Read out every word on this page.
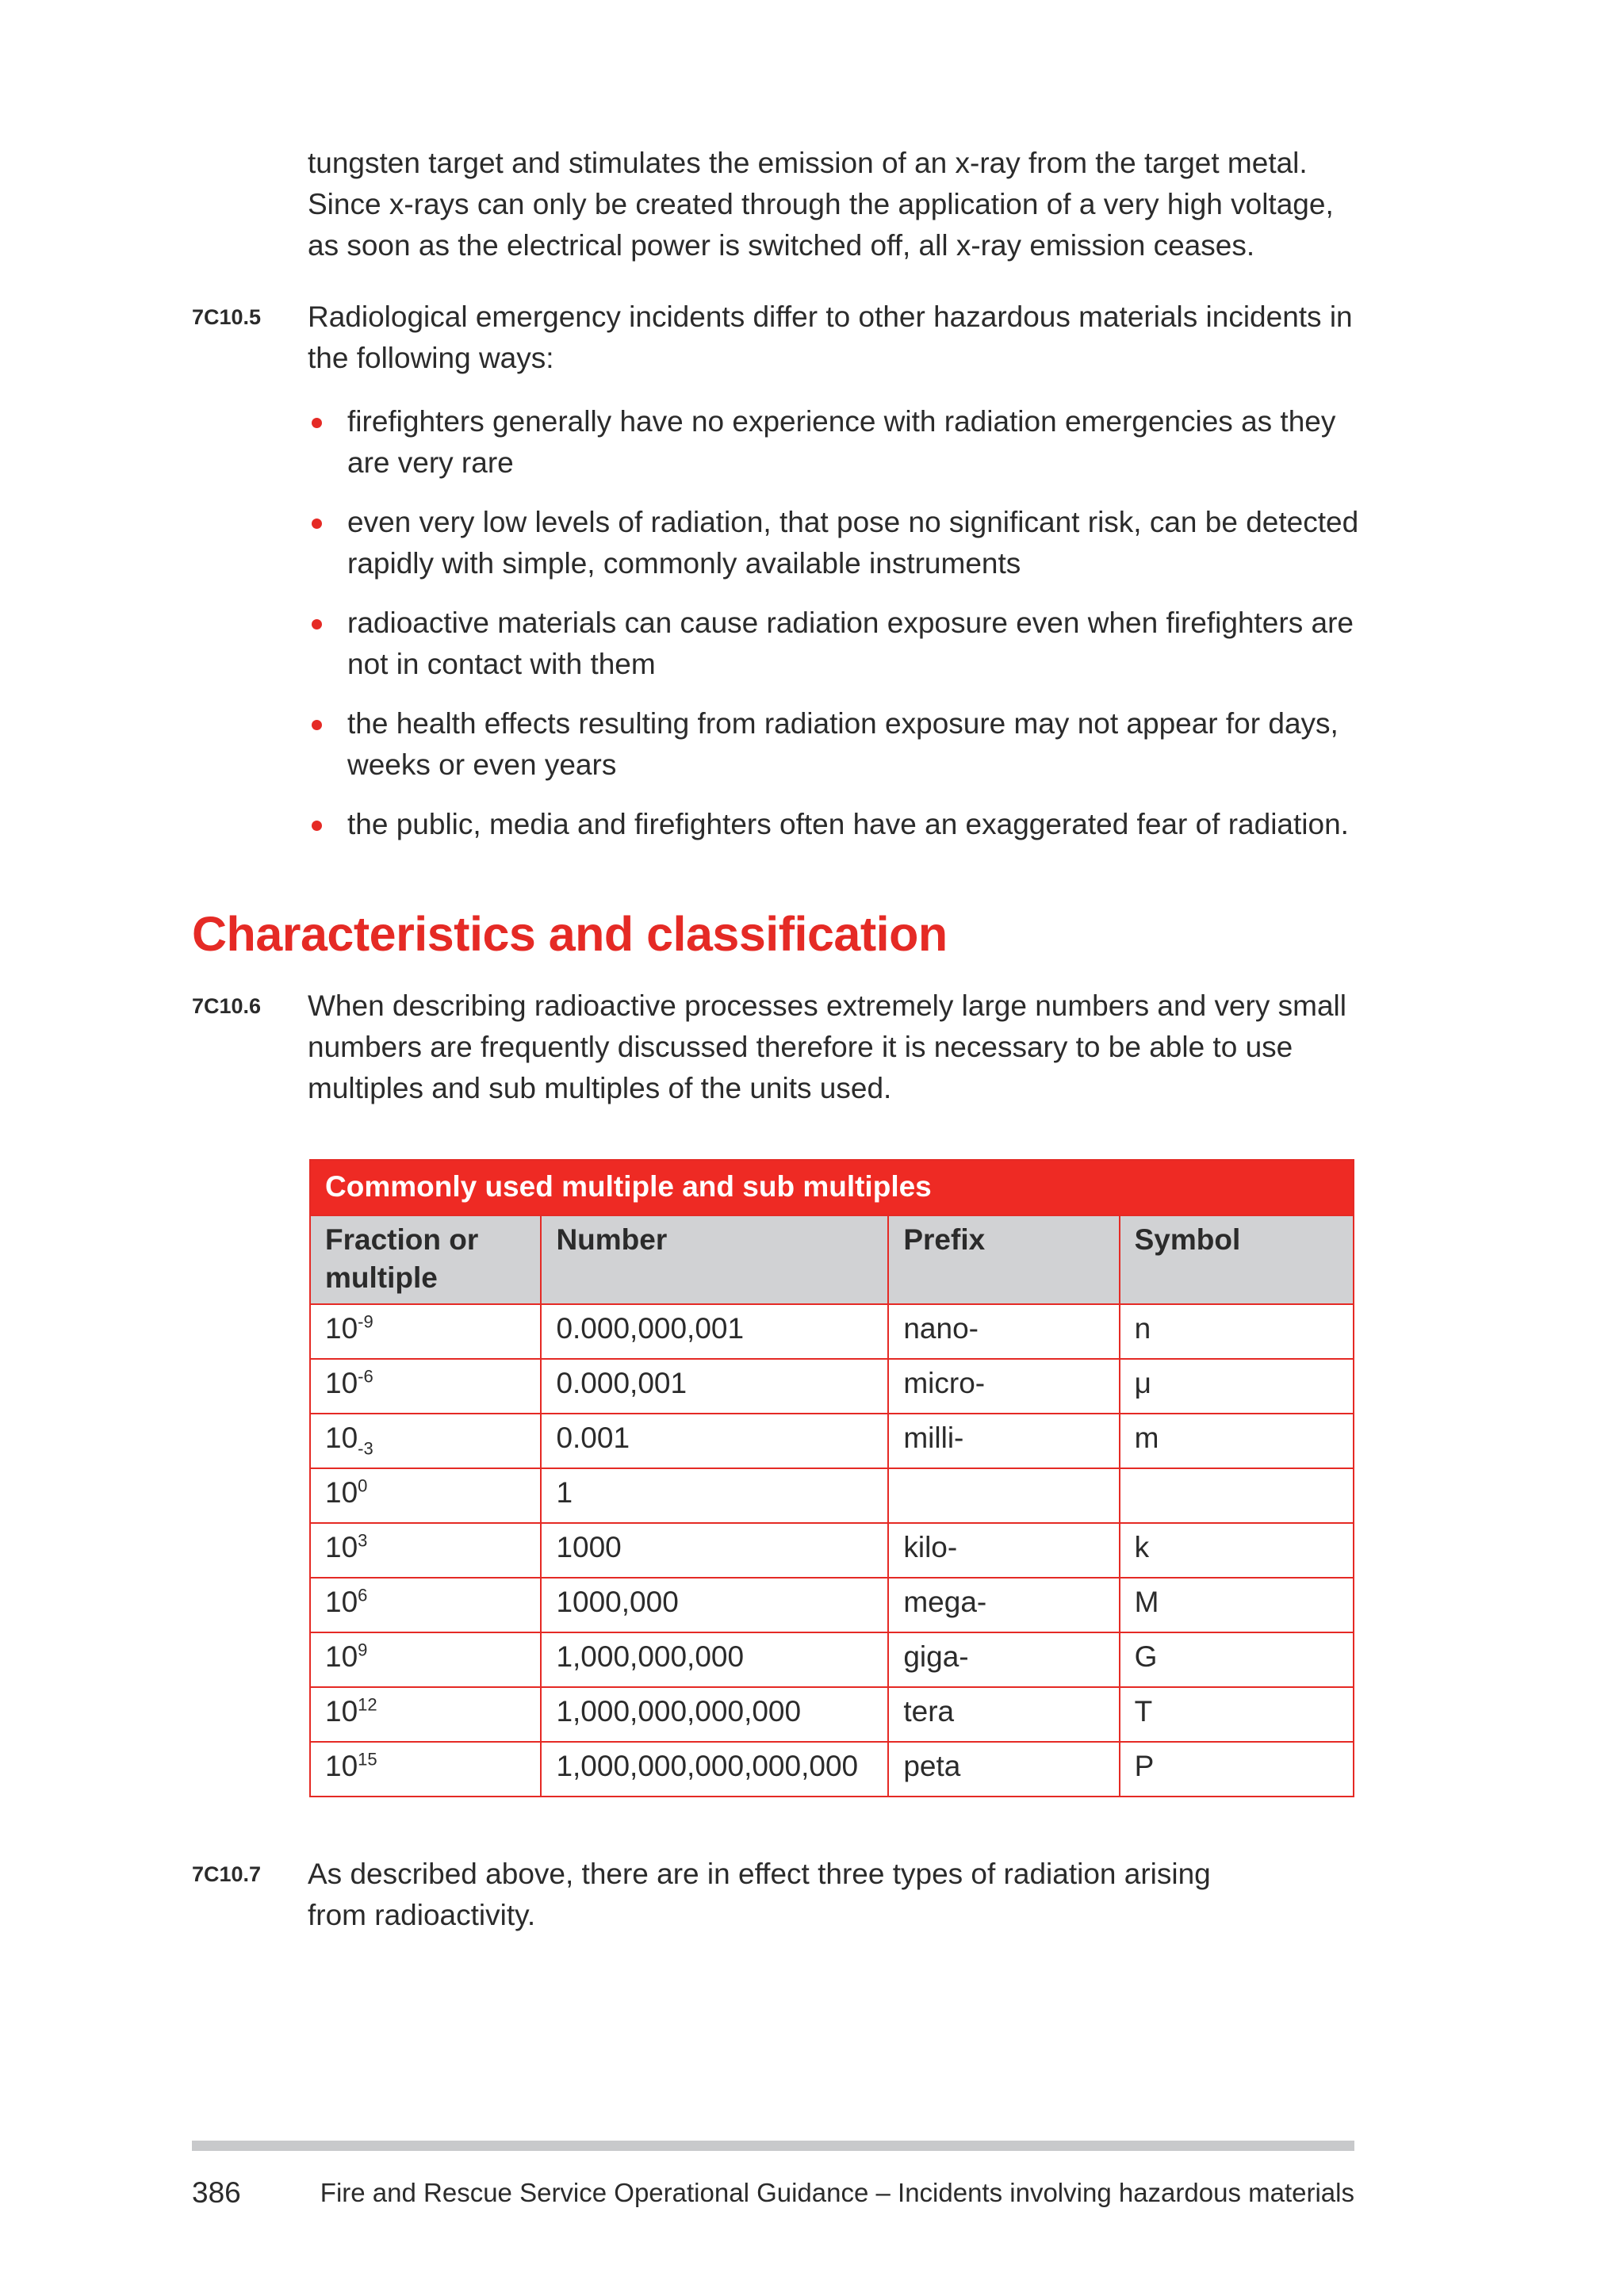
tungsten target and stimulates the emission of an x-ray from the target metal.
Since x-rays can only be created through the application of a very high voltage,
as soon as the electrical power is switched off, all x-ray emission ceases.
7C10.5 Radiological emergency incidents differ to other hazardous materials incidents in the following ways:
firefighters generally have no experience with radiation emergencies as they are very rare
even very low levels of radiation, that pose no significant risk, can be detected rapidly with simple, commonly available instruments
radioactive materials can cause radiation exposure even when firefighters are not in contact with them
the health effects resulting from radiation exposure may not appear for days, weeks or even years
the public, media and firefighters often have an exaggerated fear of radiation.
Characteristics and classification
7C10.6 When describing radioactive processes extremely large numbers and very small numbers are frequently discussed therefore it is necessary to be able to use multiples and sub multiples of the units used.
Commonly used multiple and sub multiples			
Fraction or multiple	Number	Prefix	Symbol
$10^{-9}$	0.000,000,001	nano-	n
$10^{-6}$	0.000,001	micro-	μ
$10_{-3}$	0.001	milli-	m
$10^0$	1		
$10^3$	1000	kilo-	k
$10^6$	1000,000	mega-	M
$10^9$	1,000,000,000	giga-	G
$10^{12}$	1,000,000,000,000	tera	T
$10^{15}$	1,000,000,000,000,000	peta	P
7C10.7 As described above, there are in effect three types of radiation arising from radioactivity.
386	Fire and Rescue Service Operational Guidance – Incidents involving hazardous materials
